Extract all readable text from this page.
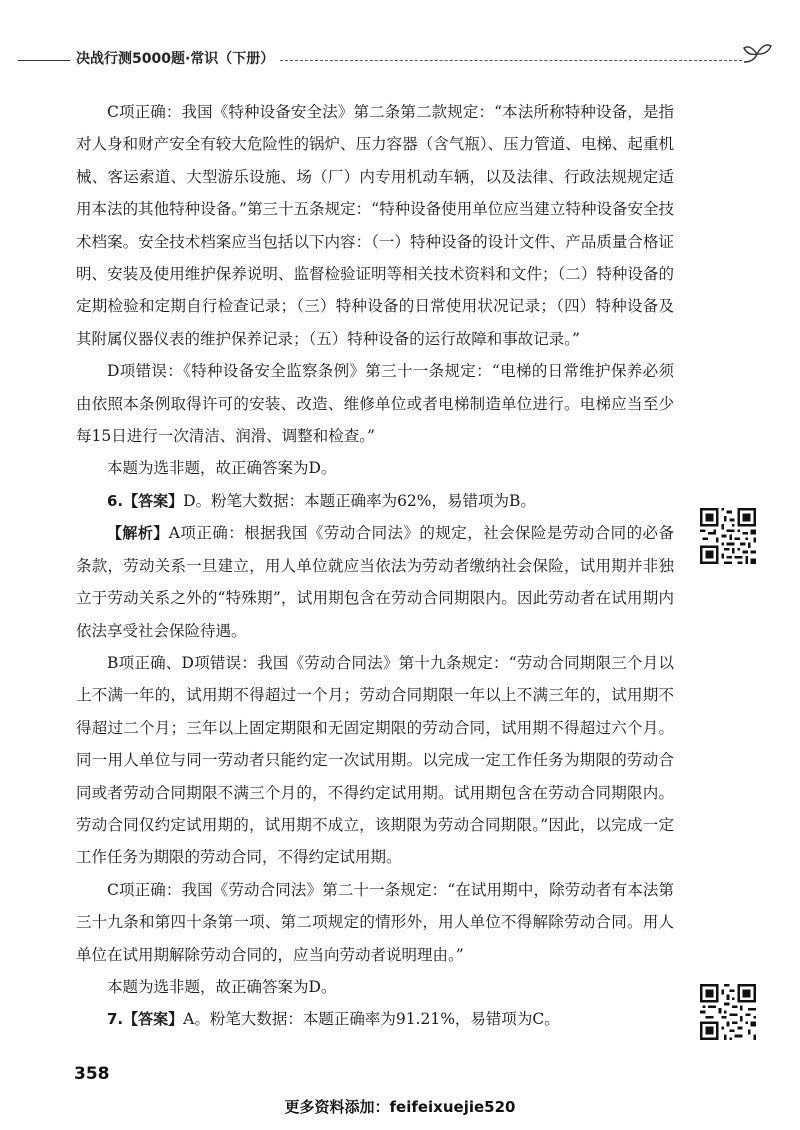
决战行测5000题·常识（下册）

C项正确：我国《特种设备安全法》第二条第二款规定：“本法所称特种设备，是指对人身和财产安全有较大危险性的锅炉、压力容器（含气瓶）、压力管道、电梯、起重机械、客运索道、大型游乐设施、场（厂）内专用机动车辆，以及法律、行政法规规定适用本法的其他特种设备。”第三十五条规定：“特种设备使用单位应当建立特种设备安全技术档案。安全技术档案应当包括以下内容：（一）特种设备的设计文件、产品质量合格证明、安装及使用维护保养说明、监督检验证明等相关技术资料和文件；（二）特种设备的定期检验和定期自行检查记录；（三）特种设备的日常使用状况记录；（四）特种设备及其附属仪器仪表的维护保养记录；（五）特种设备的运行故障和事故记录。”

D项错误：《特种设备安全监察条例》第三十一条规定：“电梯的日常维护保养必须由依照本条例取得许可的安装、改造、维修单位或者电梯制造单位进行。电梯应当至少每15日进行一次清洁、润滑、调整和检查。”

本题为选非题，故正确答案为D。

6.【答案】D。粉笔大数据：本题正确率为62%，易错项为B。

【解析】A项正确：根据我国《劳动合同法》的规定，社会保险是劳动合同的必备条款，劳动关系一旦建立，用人单位就应当依法为劳动者缴纳社会保险，试用期并非独立于劳动关系之外的“特殊期”，试用期包含在劳动合同期限内。因此劳动者在试用期内依法享受社会保险待遇。

B项正确、D项错误：我国《劳动合同法》第十九条规定：“劳动合同期限三个月以上不满一年的，试用期不得超过一个月；劳动合同期限一年以上不满三年的，试用期不得超过二个月；三年以上固定期限和无固定期限的劳动合同，试用期不得超过六个月。同一用人单位与同一劳动者只能约定一次试用期。以完成一定工作任务为期限的劳动合同或者劳动合同期限不满三个月的，不得约定试用期。试用期包含在劳动合同期限内。劳动合同仅约定试用期的，试用期不成立，该期限为劳动合同期限。”因此，以完成一定工作任务为期限的劳动合同，不得约定试用期。

C项正确：我国《劳动合同法》第二十一条规定：“在试用期中，除劳动者有本法第三十九条和第四十条第一项、第二项规定的情形外，用人单位不得解除劳动合同。用人单位在试用期解除劳动合同的，应当向劳动者说明理由。”

本题为选非题，故正确答案为D。

7.【答案】A。粉笔大数据：本题正确率为91.21%，易错项为C。

358
更多资料添加：feifeixuejie520
